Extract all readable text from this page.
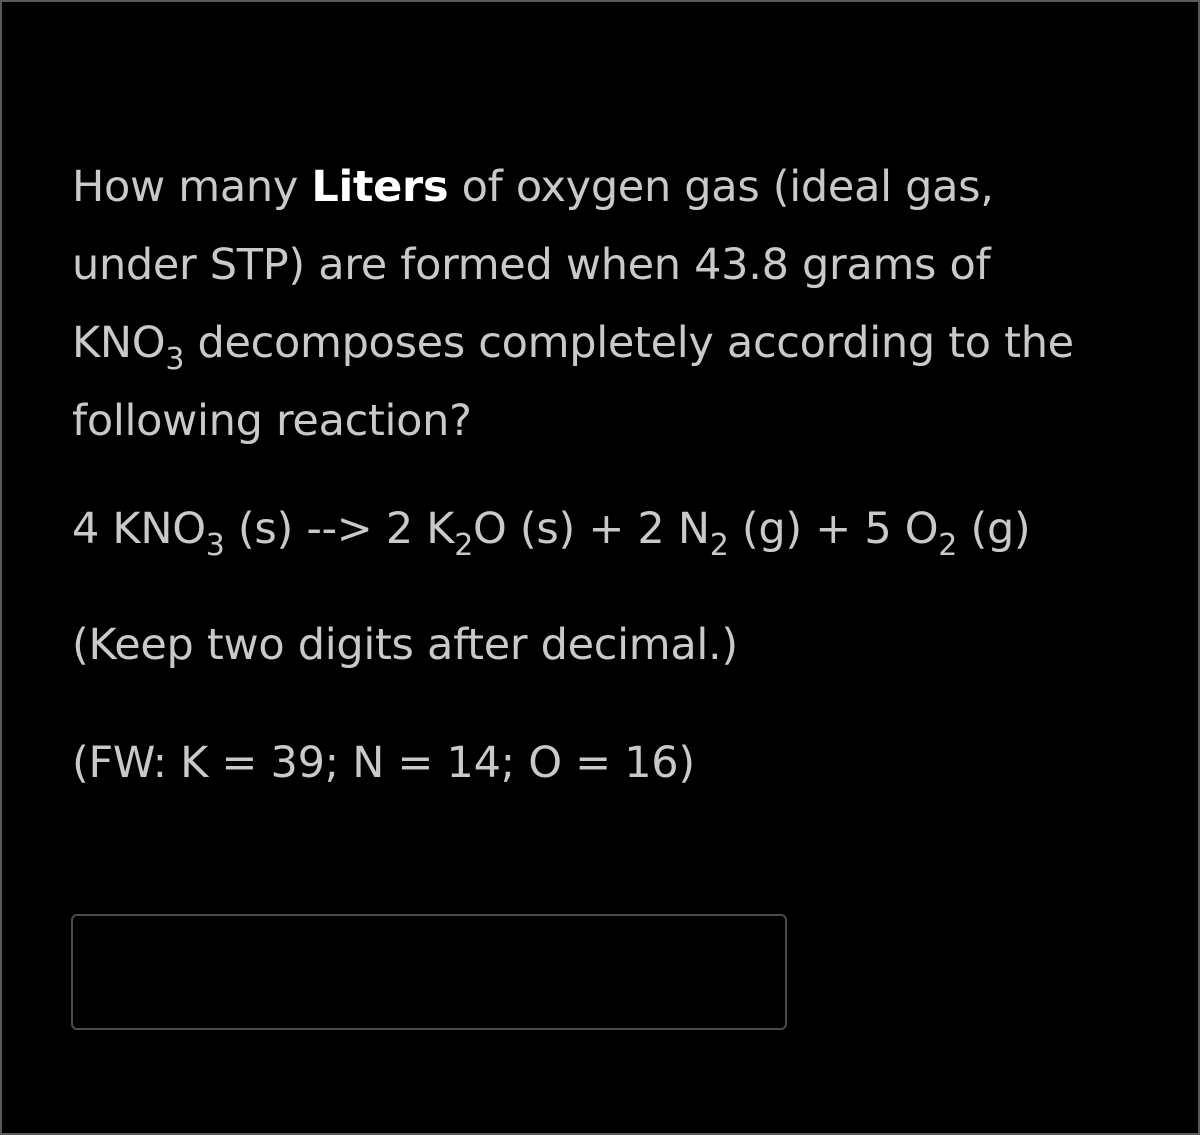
How many Liters of oxygen gas (ideal gas,
under STP) are formed when 43.8 grams of
$KNO_3$ decomposes completely according to the
following reaction?
4 $KNO_3$ (s) --> 2 $K_2O$ (s) + 2 $N_2$ (g) + 5 $O_2$ (g)
(Keep two digits after decimal.)
(FW: K = 39; N = 14; O = 16)
